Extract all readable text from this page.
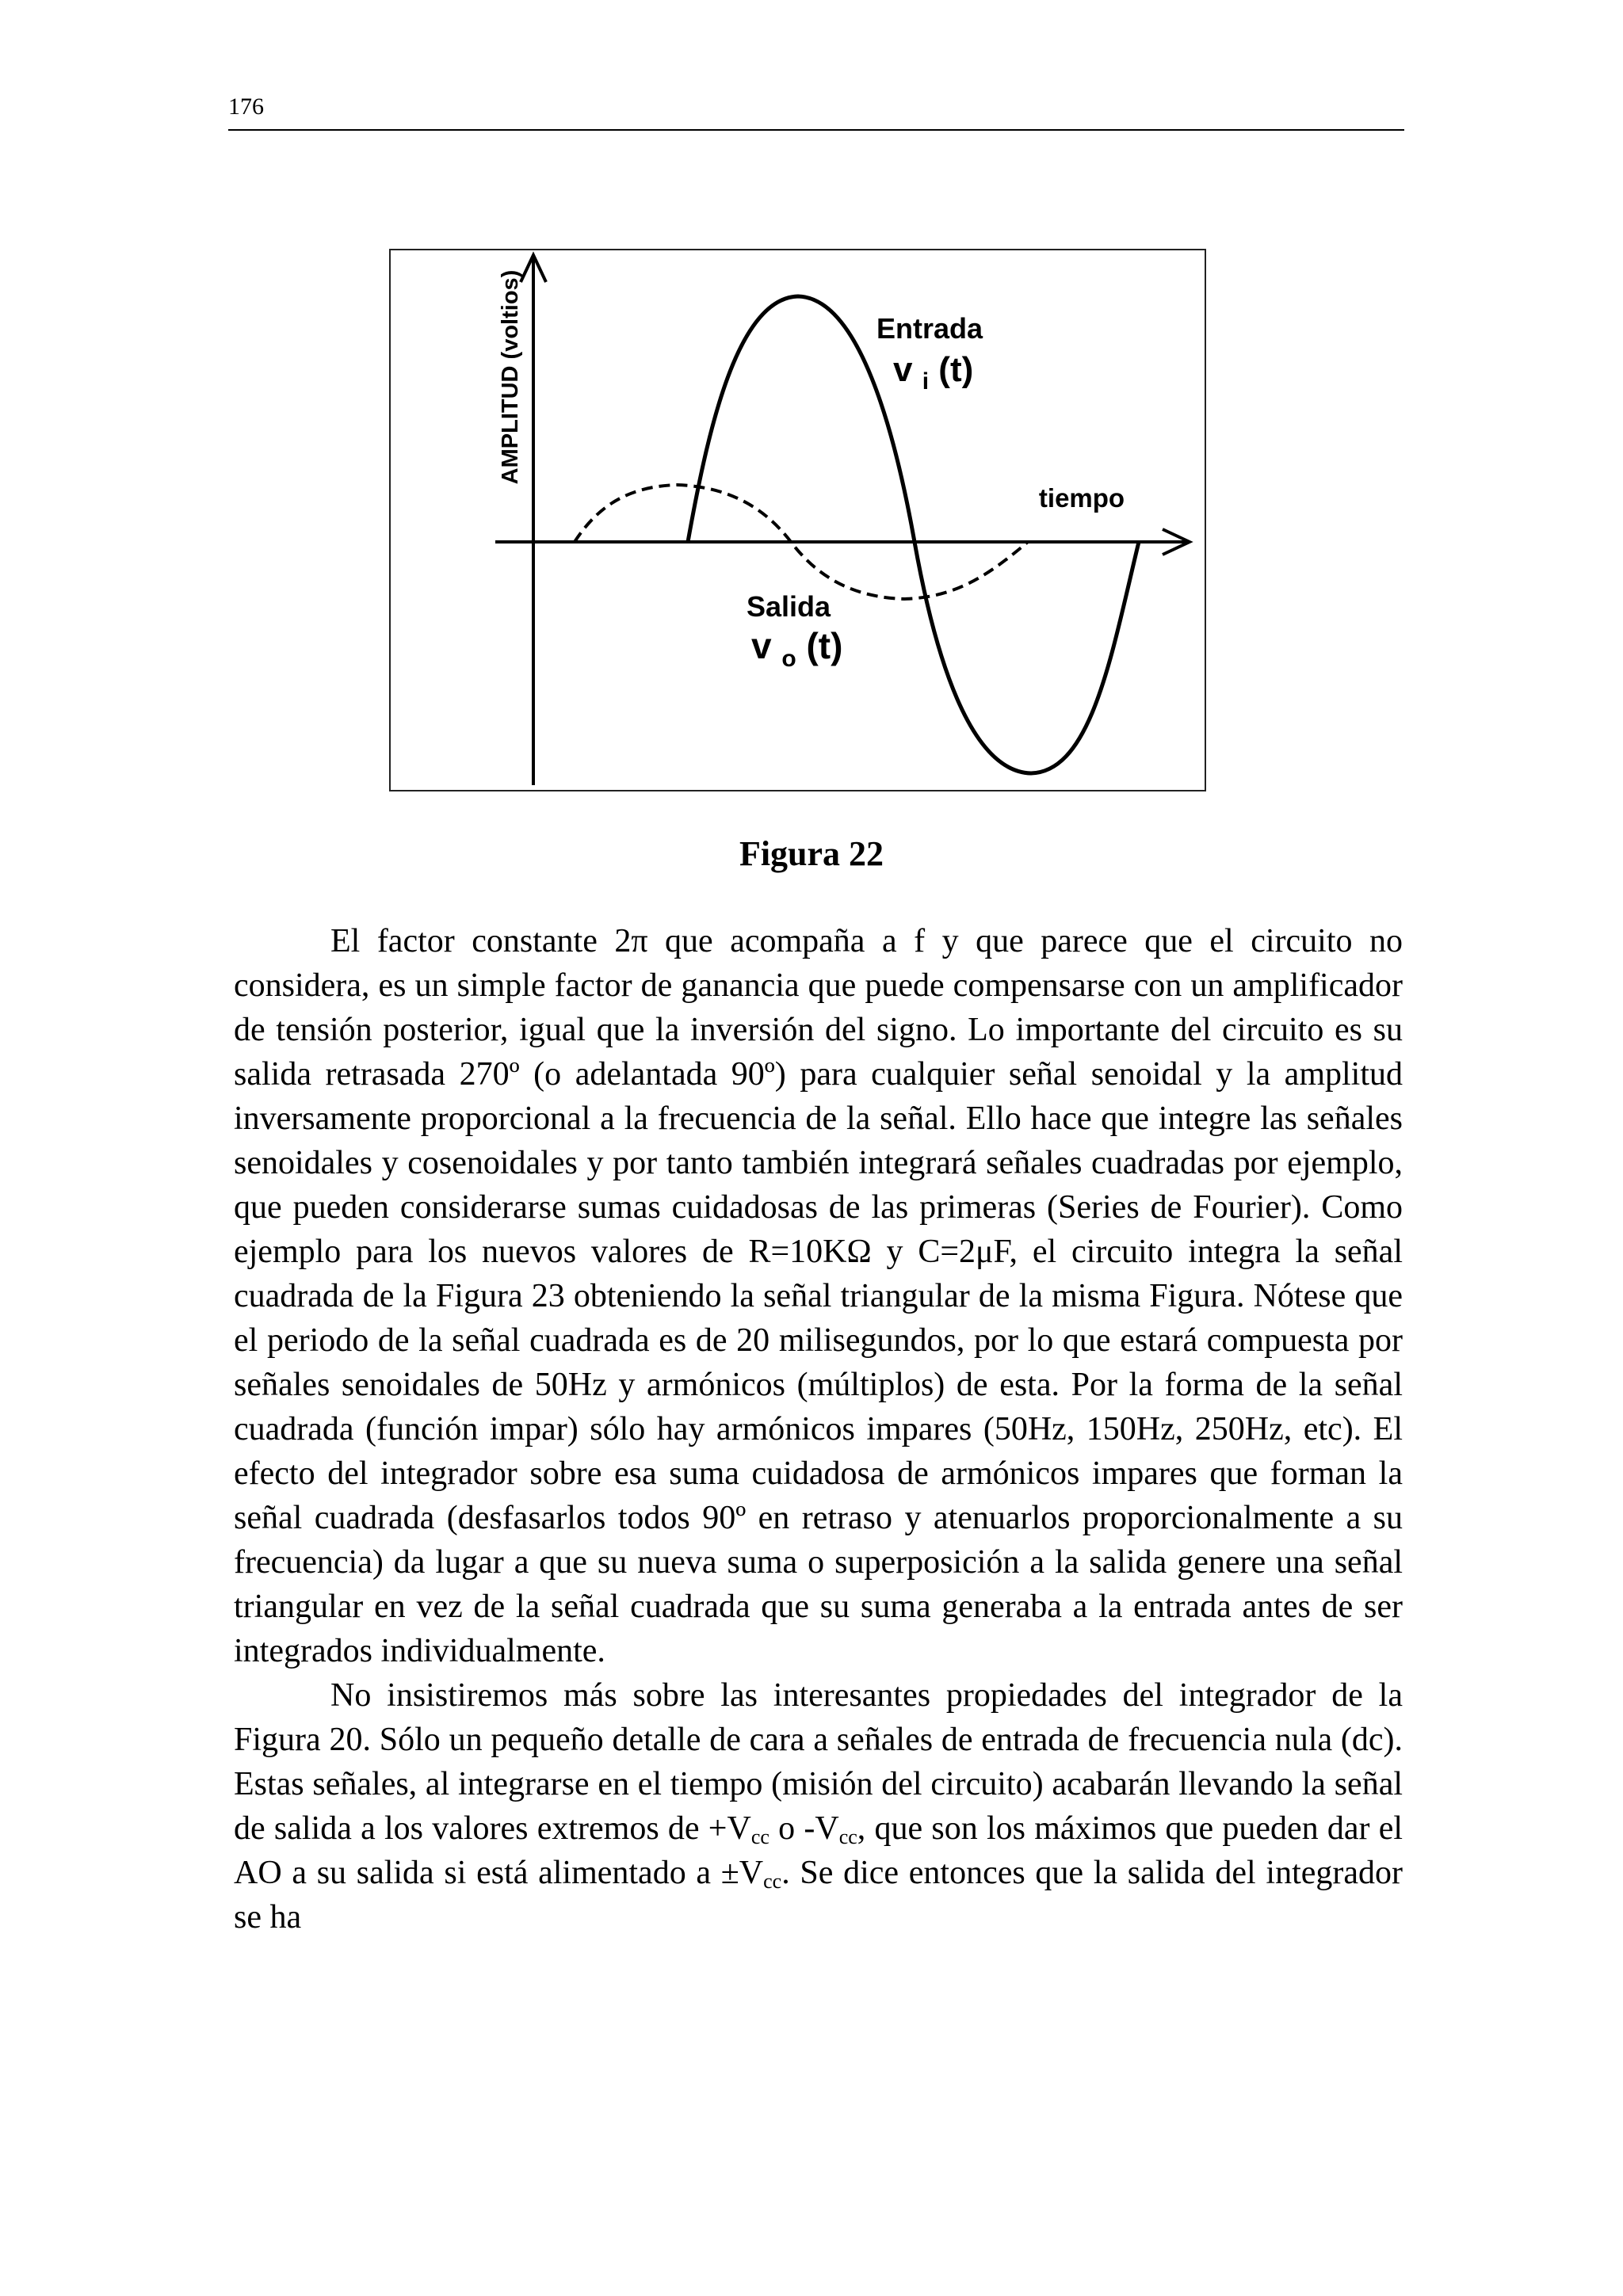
176
AMPLITUD (voltios)
tiempo
Entrada
v $_i$ (t)
Salida
v $_o$ (t)
Figura 22

El factor constante 2π que acompaña a f y que parece que el circuito no considera, es un simple factor de ganancia que puede compensarse con un amplificador de tensión posterior, igual que la inversión del signo. Lo importante del circuito es su salida retrasada 270º (o adelantada 90º) para cualquier señal senoidal y la amplitud inversamente proporcional a la frecuencia de la señal. Ello hace que integre las señales senoidales y cosenoidales y por tanto también integrará señales cuadradas por ejemplo, que pueden considerarse sumas cuidadosas de las primeras (Series de Fourier). Como ejemplo para los nuevos valores de R=10KΩ y C=2μF, el circuito integra la señal cuadrada de la Figura 23 obteniendo la señal triangular de la misma Figura. Nótese que el periodo de la señal cuadrada es de 20 milisegundos, por lo que estará compuesta por señales senoidales de 50Hz y armónicos (múltiplos) de esta. Por la forma de la señal cuadrada (función impar) sólo hay armónicos impares (50Hz, 150Hz, 250Hz, etc). El efecto del integrador sobre esa suma cuidadosa de armónicos impares que forman la señal cuadrada (desfasarlos todos 90º en retraso y atenuarlos proporcionalmente a su frecuencia) da lugar a que su nueva suma o superposición a la salida genere una señal triangular en vez de la señal cuadrada que su suma generaba a la entrada antes de ser integrados individualmente.

No insistiremos más sobre las interesantes propiedades del integrador de la Figura 20. Sólo un pequeño detalle de cara a señales de entrada de frecuencia nula (dc). Estas señales, al integrarse en el tiempo (misión del circuito) acabarán llevando la señal de salida a los valores extremos de $+V_{cc}$ o $-V_{cc}$, que son los máximos que pueden dar el AO a su salida si está alimentado $a \pm V_{cc}$. Se dice entonces que la salida del integrador se ha
